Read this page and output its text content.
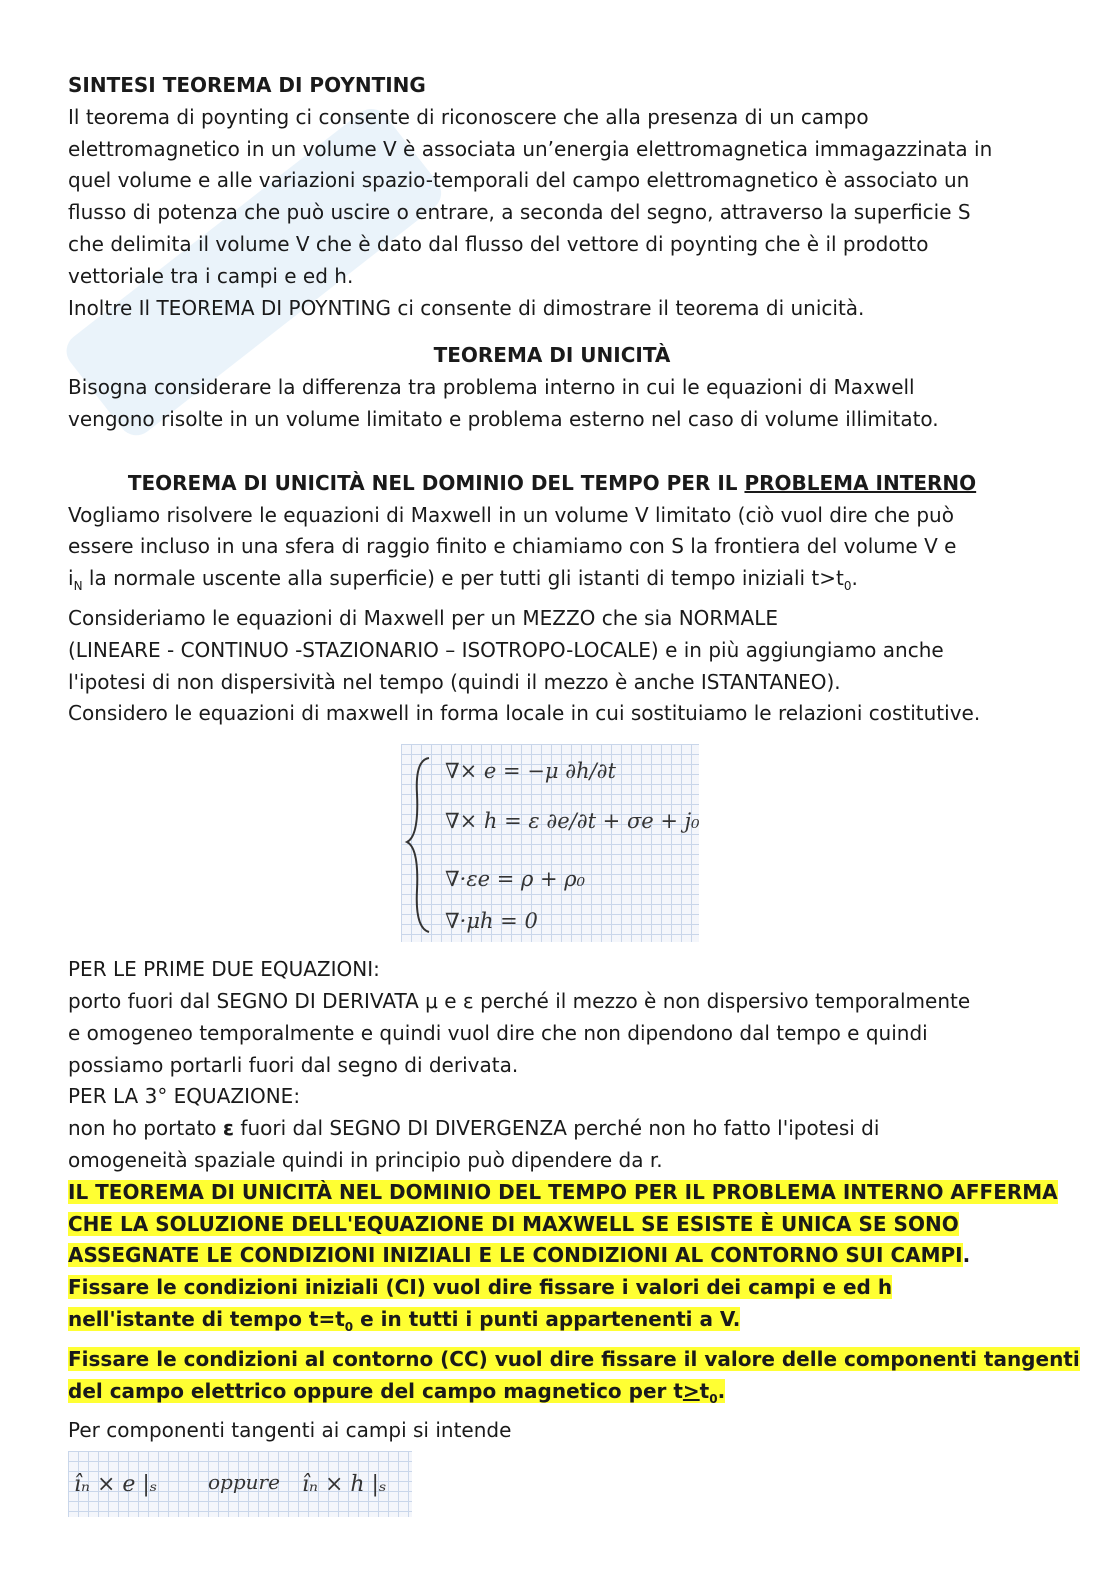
SINTESI TEOREMA DI POYNTING
Il teorema di poynting ci consente di riconoscere che alla presenza di un campo
elettromagnetico in un volume V è associata un’energia elettromagnetica immagazzinata in
quel volume e alle variazioni spazio-temporali del campo elettromagnetico è associato un
flusso di potenza che può uscire o entrare, a seconda del segno, attraverso la superficie S
che delimita il volume V che è dato dal flusso del vettore di poynting che è il prodotto
vettoriale tra i campi e ed h.
Inoltre Il TEOREMA DI POYNTING ci consente di dimostrare il teorema di unicità.
TEOREMA DI UNICITÀ
Bisogna considerare la differenza tra problema interno in cui le equazioni di Maxwell
vengono risolte in un volume limitato e problema esterno nel caso di volume illimitato.
TEOREMA DI UNICITÀ NEL DOMINIO DEL TEMPO PER IL PROBLEMA INTERNO
Vogliamo risolvere le equazioni di Maxwell in un volume V limitato (ciò vuol dire che può
essere incluso in una sfera di raggio finito e chiamiamo con S la frontiera del volume V e
$i_N$ la normale uscente alla superficie) e per tutti gli istanti di tempo iniziali $t>t_0$.
Consideriamo le equazioni di Maxwell per un MEZZO che sia NORMALE
(LINEARE - CONTINUO -STAZIONARIO – ISOTROPO-LOCALE) e in più aggiungiamo anche
l'ipotesi di non dispersività nel tempo (quindi il mezzo è anche ISTANTANEO).
Considero le equazioni di maxwell in forma locale in cui sostituiamo le relazioni costitutive.
∇× e = −μ ∂h/∂t
∇× h = ε ∂e/∂t + σe + j₀
∇·εe = ρ + ρ₀
∇·μh = 0
PER LE PRIME DUE EQUAZIONI:
porto fuori dal SEGNO DI DERIVATA μ e ε perché il mezzo è non dispersivo temporalmente
e omogeneo temporalmente e quindi vuol dire che non dipendono dal tempo e quindi
possiamo portarli fuori dal segno di derivata.
PER LA 3° EQUAZIONE:
non ho portato ε fuori dal SEGNO DI DIVERGENZA perché non ho fatto l'ipotesi di
omogeneità spaziale quindi in principio può dipendere da r.
IL TEOREMA DI UNICITÀ NEL DOMINIO DEL TEMPO PER IL PROBLEMA INTERNO AFFERMA
CHE LA SOLUZIONE DELL'EQUAZIONE DI MAXWELL SE ESISTE È UNICA SE SONO
ASSEGNATE LE CONDIZIONI INIZIALI E LE CONDIZIONI AL CONTORNO SUI CAMPI.
Fissare le condizioni iniziali (CI) vuol dire fissare i valori dei campi e ed h
nell'istante di tempo $t=t_0$ e in tutti i punti appartenenti a V.
Fissare le condizioni al contorno (CC) vuol dire fissare il valore delle componenti tangenti
del campo elettrico oppure del campo magnetico per $t>t_0$.
Per componenti tangenti ai campi si intende
îₙ × e |ₛ	oppure îₙ × h |ₛ
